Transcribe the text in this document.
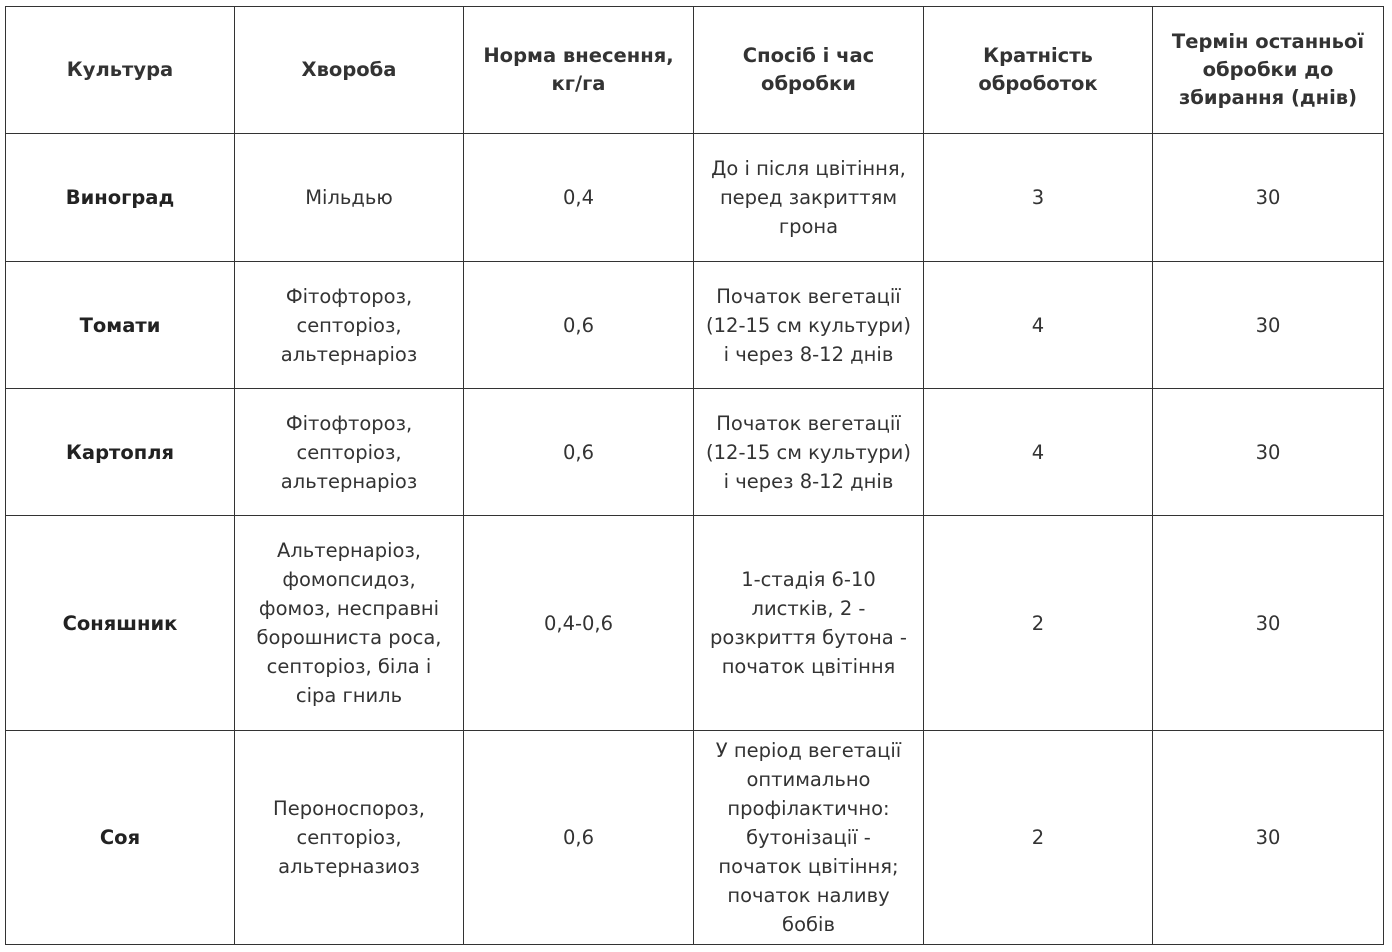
Культура	Хвороба	Норма внесення, кг/га	Спосіб і час обробки	Кратність оброботок	Термін останньої обробки до збирання (днів)
Виноград	Мільдью	0,4	До і після цвітіння, перед закриттям грона	3	30
Томати	Фітофтороз, септоріоз, альтернаріоз	0,6	Початок вегетації (12-15 см культури) і через 8-12 днів	4	30
Картопля	Фітофтороз, септоріоз, альтернаріоз	0,6	Початок вегетації (12-15 см культури) і через 8-12 днів	4	30
Соняшник	Альтернаріоз, фомопсидоз, фомоз, несправні борошниста роса, септоріоз, біла і сіра гниль	0,4-0,6	1-стадія 6-10 листків, 2 - розкриття бутона - початок цвітіння	2	30
Соя	Пероноспороз, септоріоз, альтерназиоз	0,6	У період вегетації оптимально профілактично: бутонізації - початок цвітіння; початок наливу бобів	2	30
